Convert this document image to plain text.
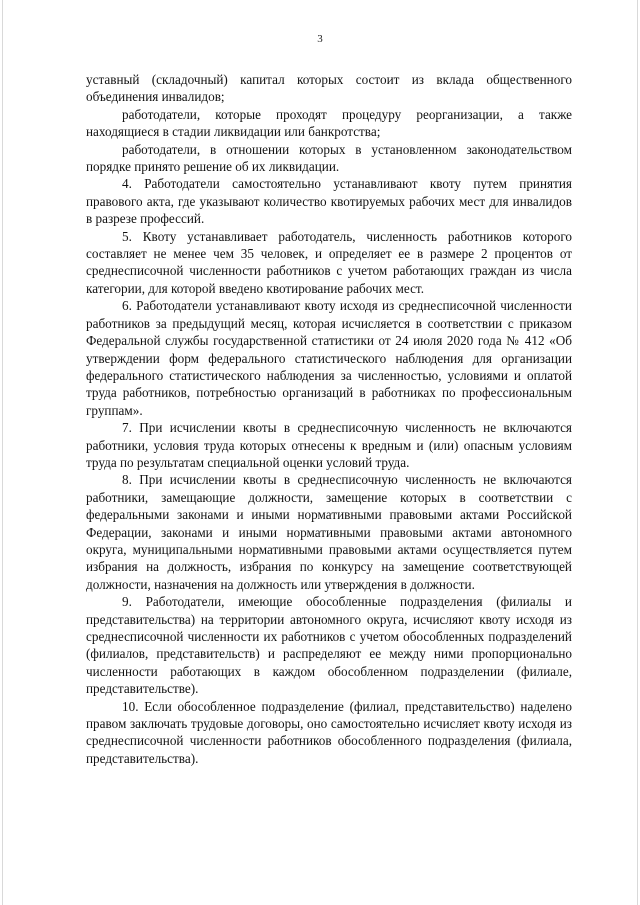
3

уставный (складочный) капитал которых состоит из вклада общественного объединения инвалидов;

работодатели, которые проходят процедуру реорганизации, а также находящиеся в стадии ликвидации или банкротства;

работодатели, в отношении которых в установленном законодательством порядке принято решение об их ликвидации.

4. Работодатели самостоятельно устанавливают квоту путем принятия правового акта, где указывают количество квотируемых рабочих мест для инвалидов в разрезе профессий.

5. Квоту устанавливает работодатель, численность работников которого составляет не менее чем 35 человек, и определяет ее в размере 2 процентов от среднесписочной численности работников с учетом работающих граждан из числа категории, для которой введено квотирование рабочих мест.

6. Работодатели устанавливают квоту исходя из среднесписочной численности работников за предыдущий месяц, которая исчисляется в соответствии с приказом Федеральной службы государственной статистики от 24 июля 2020 года № 412 «Об утверждении форм федерального статистического наблюдения для организации федерального статистического наблюдения за численностью, условиями и оплатой труда работников, потребностью организаций в работниках по профессиональным группам».

7. При исчислении квоты в среднесписочную численность не включаются работники, условия труда которых отнесены к вредным и (или) опасным условиям труда по результатам специальной оценки условий труда.

8. При исчислении квоты в среднесписочную численность не включаются работники, замещающие должности, замещение которых в соответствии с федеральными законами и иными нормативными правовыми актами Российской Федерации, законами и иными нормативными правовыми актами автономного округа, муниципальными нормативными правовыми актами осуществляется путем избрания на должность, избрания по конкурсу на замещение соответствующей должности, назначения на должность или утверждения в должности.

9. Работодатели, имеющие обособленные подразделения (филиалы и представительства) на территории автономного округа, исчисляют квоту исходя из среднесписочной численности их работников с учетом обособленных подразделений (филиалов, представительств) и распределяют ее между ними пропорционально численности работающих в каждом обособленном подразделении (филиале, представительстве).

10. Если обособленное подразделение (филиал, представительство) наделено правом заключать трудовые договоры, оно самостоятельно исчисляет квоту исходя из среднесписочной численности работников обособленного подразделения (филиала, представительства).
